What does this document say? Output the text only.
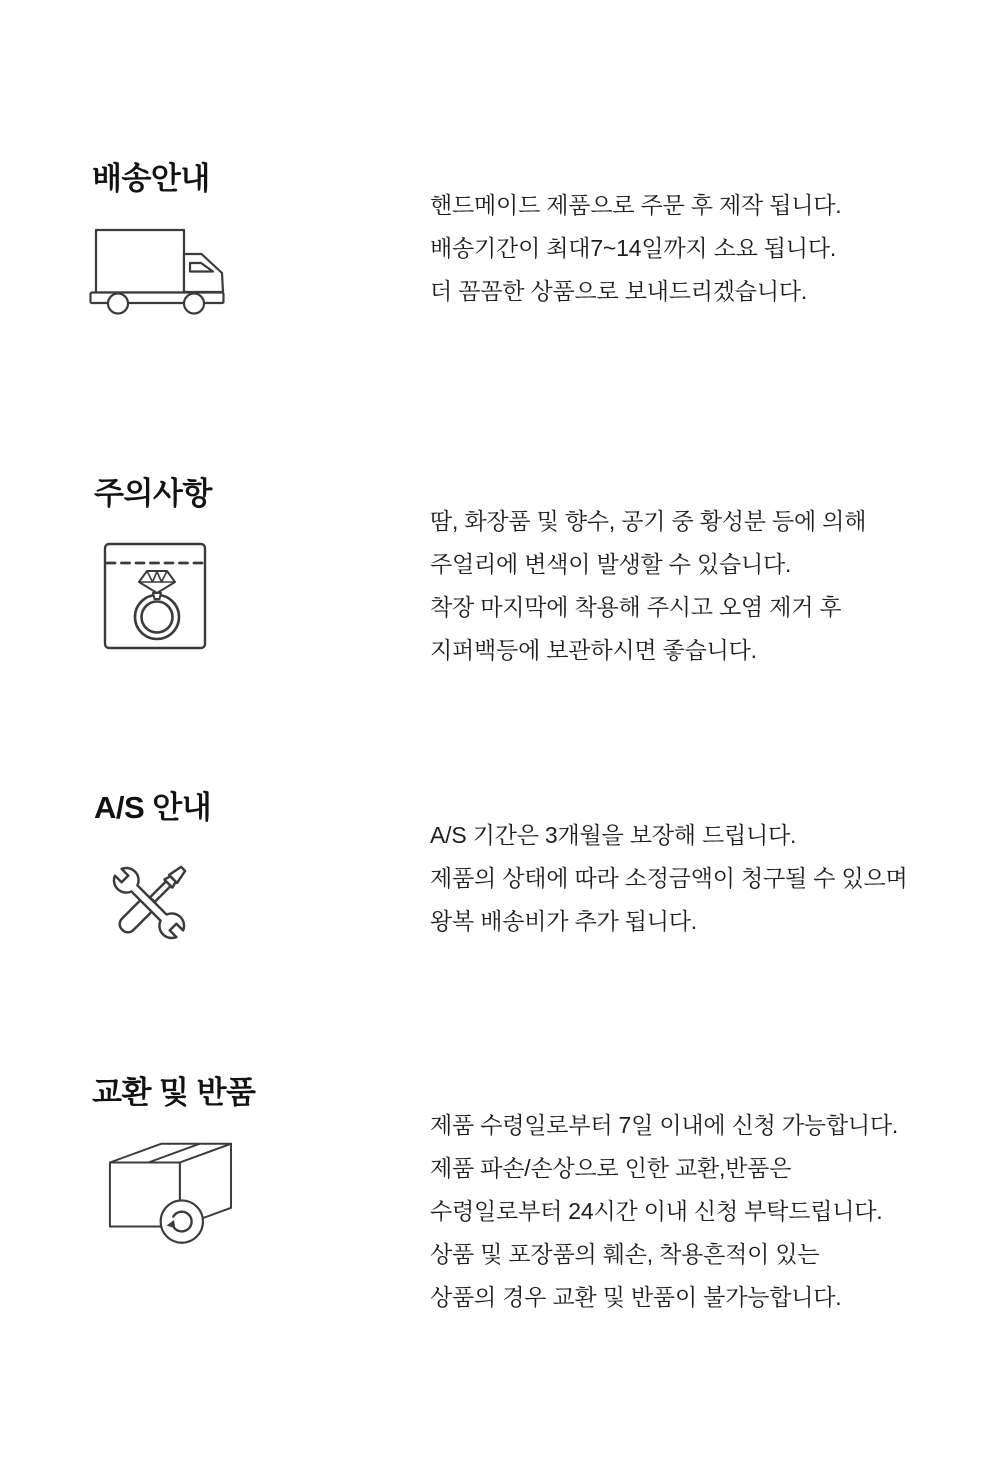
배송안내
핸드메이드 제품으로 주문 후 제작 됩니다.
배송기간이 최대7~14일까지 소요 됩니다.
더 꼼꼼한 상품으로 보내드리겠습니다.
주의사항
땀, 화장품 및 향수, 공기 중 황성분 등에 의해
주얼리에 변색이 발생할 수 있습니다.
착장 마지막에 착용해 주시고 오염 제거 후
지퍼백등에 보관하시면 좋습니다.
A/S 안내
A/S 기간은 3개월을 보장해 드립니다.
제품의 상태에 따라 소정금액이 청구될 수 있으며
왕복 배송비가 추가 됩니다.
교환 및 반품
제품 수령일로부터 7일 이내에 신청 가능합니다.
제품 파손/손상으로 인한 교환,반품은
수령일로부터 24시간 이내 신청 부탁드립니다.
상품 및 포장품의 훼손, 착용흔적이 있는
상품의 경우 교환 및 반품이 불가능합니다.
